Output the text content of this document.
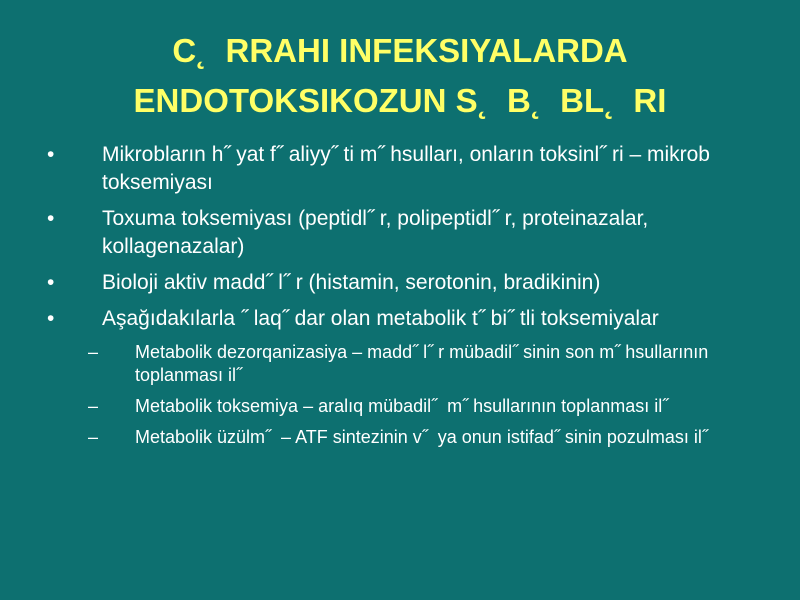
C˛  RRAHI INFEKSIYALARDA
ENDOTOKSIKOZUN S˛  B˛  BL˛  RI
•	Mikrobların h˝ yat f˝ aliyy˝ ti m˝ hsulları, onların toksinl˝ ri – mikrob toksemiyası
•	Toxuma toksemiyası (peptidl˝ r, polipeptidl˝ r, proteinazalar, kollagenazalar)
•	Bioloji aktiv madd˝ l˝ r (histamin, serotonin, bradikinin)
•	Aşağıdakılarla ˝ laq˝ dar olan metabolik t˝ bi˝ tli toksemiyalar
–	Metabolik dezorqanizasiya – madd˝ l˝ r mübadil˝ sinin son m˝ hsullarının toplanması il˝
–	Metabolik toksemiya – aralıq mübadil˝  m˝ hsullarının toplanması il˝
–	Metabolik üzülm˝  – ATF sintezinin v˝  ya onun istifad˝ sinin pozulması il˝
